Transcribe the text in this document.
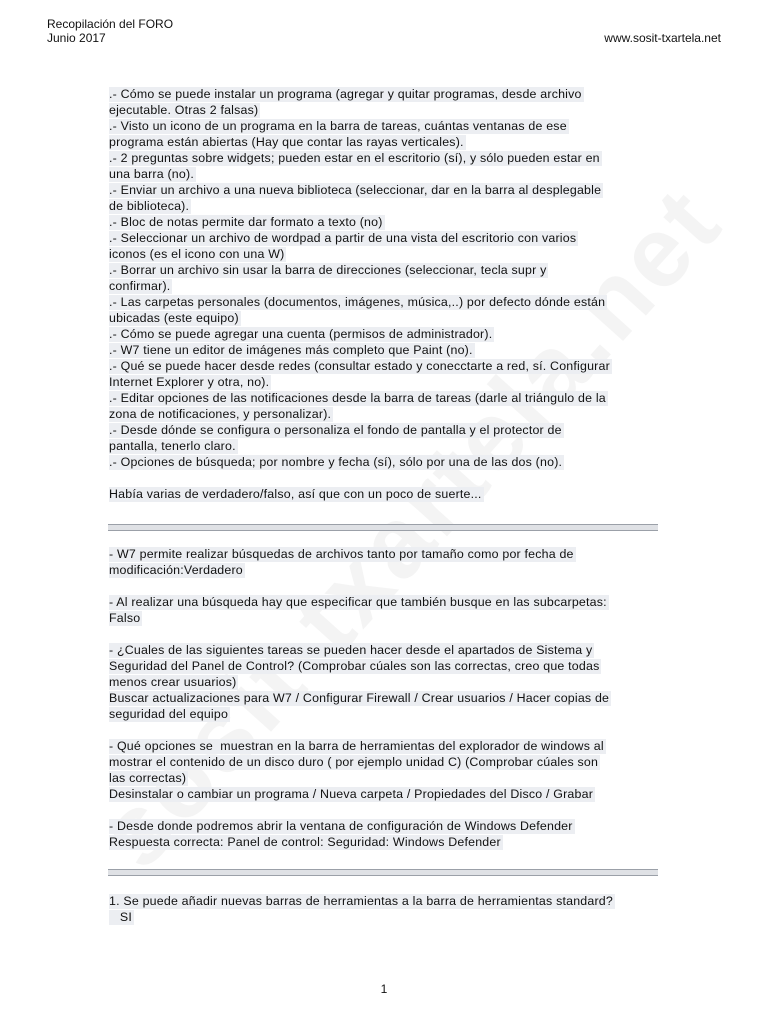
Recopilación del FORO
Junio 2017	www.sosit-txartela.net
.- Cómo se puede instalar un programa (agregar y quitar programas, desde archivo
ejecutable. Otras 2 falsas)
.- Visto un icono de un programa en la barra de tareas, cuántas ventanas de ese
programa están abiertas (Hay que contar las rayas verticales).
.- 2 preguntas sobre widgets; pueden estar en el escritorio (sí), y sólo pueden estar en
una barra (no).
.- Enviar un archivo a una nueva biblioteca (seleccionar, dar en la barra al desplegable
de biblioteca).
.- Bloc de notas permite dar formato a texto (no)
.- Seleccionar un archivo de wordpad a partir de una vista del escritorio con varios
iconos (es el icono con una W)
.- Borrar un archivo sin usar la barra de direcciones (seleccionar, tecla supr y
confirmar).
.- Las carpetas personales (documentos, imágenes, música,..) por defecto dónde están
ubicadas (este equipo)
.- Cómo se puede agregar una cuenta (permisos de administrador).
.- W7 tiene un editor de imágenes más completo que Paint (no).
.- Qué se puede hacer desde redes (consultar estado y conecctarte a red, sí. Configurar
Internet Explorer y otra, no).
.- Editar opciones de las notificaciones desde la barra de tareas (darle al triángulo de la
zona de notificaciones, y personalizar).
.- Desde dónde se configura o personaliza el fondo de pantalla y el protector de
pantalla, tenerlo claro.
.- Opciones de búsqueda; por nombre y fecha (sí), sólo por una de las dos (no).
Había varias de verdadero/falso, así que con un poco de suerte...
- W7 permite realizar búsquedas de archivos tanto por tamaño como por fecha de
modificación:Verdadero
- Al realizar una búsqueda hay que especificar que también busque en las subcarpetas:
Falso
- ¿Cuales de las siguientes tareas se pueden hacer desde el apartados de Sistema y
Seguridad del Panel de Control? (Comprobar cúales son las correctas, creo que todas
menos crear usuarios)
Buscar actualizaciones para W7 / Configurar Firewall / Crear usuarios / Hacer copias de
seguridad del equipo
- Qué opciones se  muestran en la barra de herramientas del explorador de windows al
mostrar el contenido de un disco duro ( por ejemplo unidad C) (Comprobar cúales son
las correctas)
Desinstalar o cambiar un programa / Nueva carpeta / Propiedades del Disco / Grabar
- Desde donde podremos abrir la ventana de configuración de Windows Defender
Respuesta correcta: Panel de control: Seguridad: Windows Defender
1. Se puede añadir nuevas barras de herramientas a la barra de herramientas standard?
SI
1
